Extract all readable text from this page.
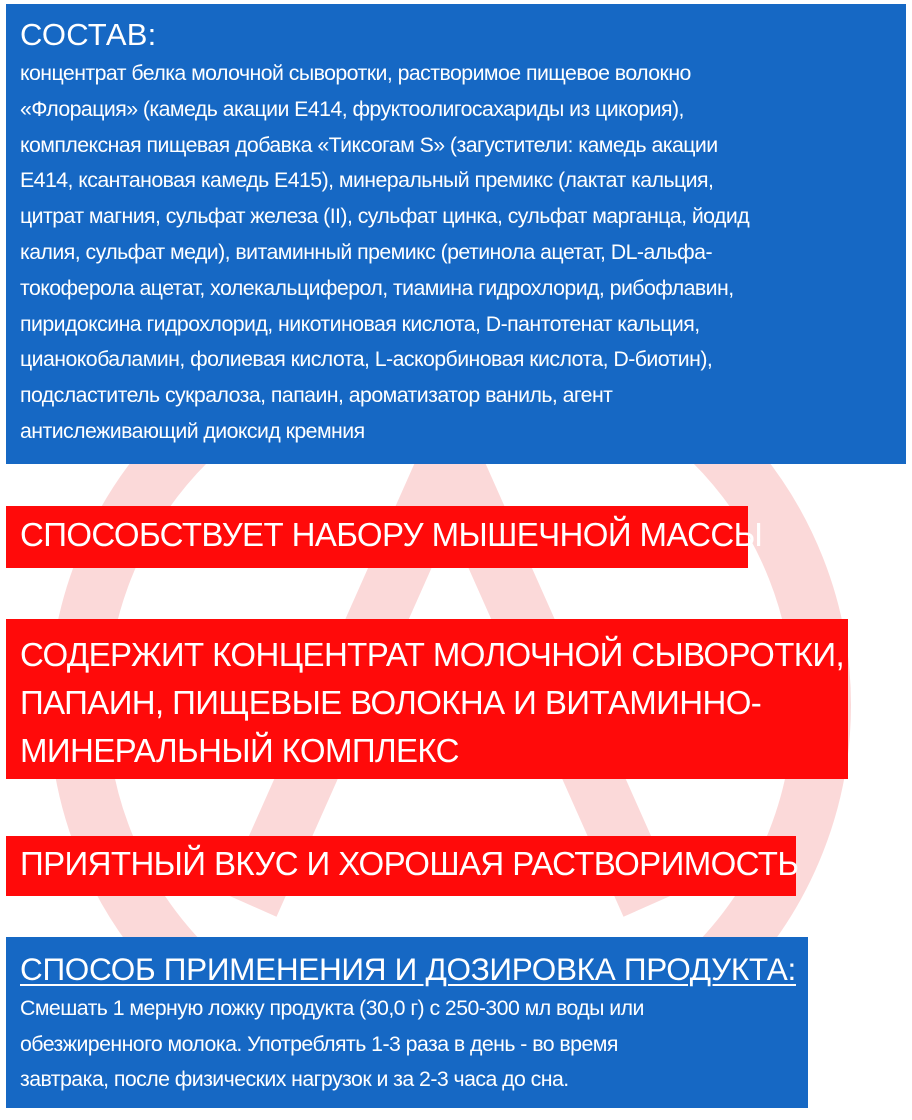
СОСТАВ:
концентрат белка молочной сыворотки, растворимое пищевое волокно
«Флорация» (камедь акации Е414, фруктоолигосахариды из цикория),
комплексная пищевая добавка «Тиксогам S» (загустители: камедь акации
Е414, ксантановая камедь Е415), минеральный премикс (лактат кальция,
цитрат магния, сульфат железа (II), сульфат цинка, сульфат марганца, йодид
калия, сульфат меди), витаминный премикс (ретинола ацетат, DL-альфа-
токоферола ацетат, холекальциферол, тиамина гидрохлорид, рибофлавин,
пиридоксина гидрохлорид, никотиновая кислота, D-пантотенат кальция,
цианокобаламин, фолиевая кислота, L-аскорбиновая кислота, D-биотин),
подсластитель сукралоза, папаин, ароматизатор ваниль, агент
антислеживающий диоксид кремния
СПОСОБСТВУЕТ НАБОРУ МЫШЕЧНОЙ МАССЫ
СОДЕРЖИТ КОНЦЕНТРАТ МОЛОЧНОЙ СЫВОРОТКИ,
ПАПАИН, ПИЩЕВЫЕ ВОЛОКНА И ВИТАМИННО-
МИНЕРАЛЬНЫЙ КОМПЛЕКС
ПРИЯТНЫЙ ВКУС И ХОРОШАЯ РАСТВОРИМОСТЬ
СПОСОБ ПРИМЕНЕНИЯ И ДОЗИРОВКА ПРОДУКТА:
Смешать 1 мерную ложку продукта (30,0 г) с 250-300 мл воды или
обезжиренного молока. Употреблять 1-3 раза в день - во время
завтрака, после физических нагрузок и за 2-3 часа до сна.
